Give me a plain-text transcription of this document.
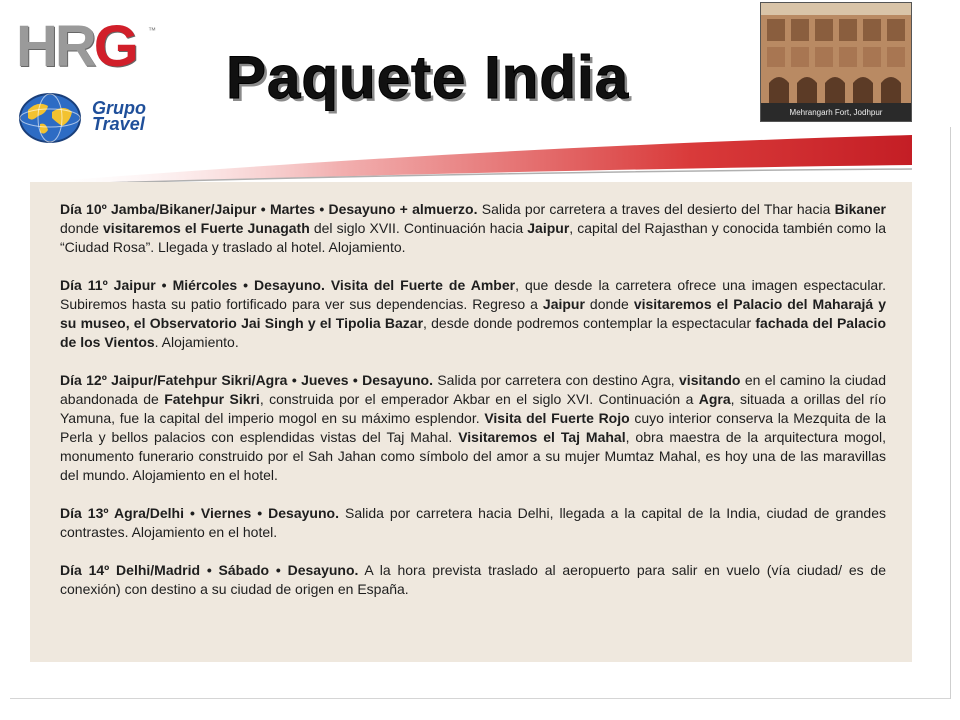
HRG ™
Grupo
Travel
Paquete India
Mehrangarh Fort, Jodhpur

Día 10º Jamba/Bikaner/Jaipur • Martes • Desayuno + almuerzo. Salida por carretera a traves del desierto del Thar hacia Bikaner donde visitaremos el Fuerte Junagath del siglo XVII. Continuación hacia Jaipur, capital del Rajasthan y conocida también como la “Ciudad Rosa”. Llegada y traslado al hotel. Alojamiento.

Día 11º Jaipur • Miércoles • Desayuno. Visita del Fuerte de Amber, que desde la carretera ofrece una imagen espectacular. Subiremos hasta su patio fortificado para ver sus dependencias. Regreso a Jaipur donde visitaremos el Palacio del Maharajá y su museo, el Observatorio Jai Singh y el Tipolia Bazar, desde donde podremos contemplar la espectacular fachada del Palacio de los Vientos. Alojamiento.

Día 12º Jaipur/Fatehpur Sikri/Agra • Jueves • Desayuno. Salida por carretera con destino Agra, visitando en el camino la ciudad abandonada de Fatehpur Sikri, construida por el emperador Akbar en el siglo XVI. Continuación a Agra, situada a orillas del río Yamuna, fue la capital del imperio mogol en su máximo esplendor. Visita del Fuerte Rojo cuyo interior conserva la Mezquita de la Perla y bellos palacios con esplendidas vistas del Taj Mahal. Visitaremos el Taj Mahal, obra maestra de la arquitectura mogol, monumento funerario construido por el Sah Jahan como símbolo del amor a su mujer Mumtaz Mahal, es hoy una de las maravillas del mundo. Alojamiento en el hotel.

Día 13º Agra/Delhi • Viernes • Desayuno. Salida por carretera hacia Delhi, llegada a la capital de la India, ciudad de grandes contrastes. Alojamiento en el hotel.

Día 14º Delhi/Madrid • Sábado • Desayuno. A la hora prevista traslado al aeropuerto para salir en vuelo (vía ciudad/ es de conexión) con destino a su ciudad de origen en España.
